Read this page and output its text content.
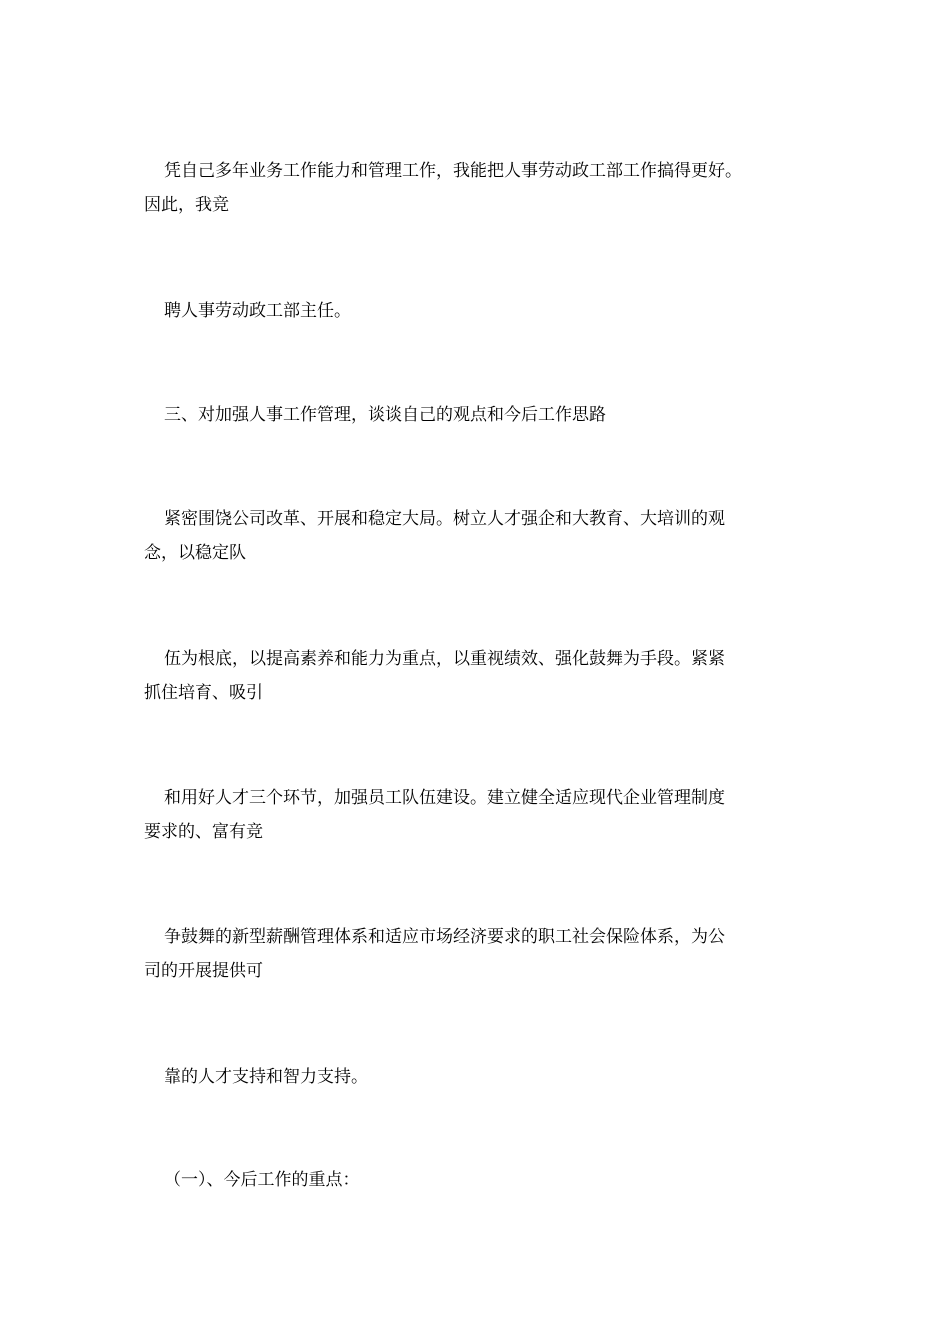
凭自己多年业务工作能力和管理工作，我能把人事劳动政工部工作搞得更好。
因此，我竞

聘人事劳动政工部主任。

三、对加强人事工作管理，谈谈自己的观点和今后工作思路

紧密围饶公司改革、开展和稳定大局。树立人才强企和大教育、大培训的观
念，以稳定队

伍为根底，以提高素养和能力为重点，以重视绩效、强化鼓舞为手段。紧紧
抓住培育、吸引

和用好人才三个环节，加强员工队伍建设。建立健全适应现代企业管理制度
要求的、富有竞

争鼓舞的新型薪酬管理体系和适应市场经济要求的职工社会保险体系，为公
司的开展提供可

靠的人才支持和智力支持。

（一）、今后工作的重点：
